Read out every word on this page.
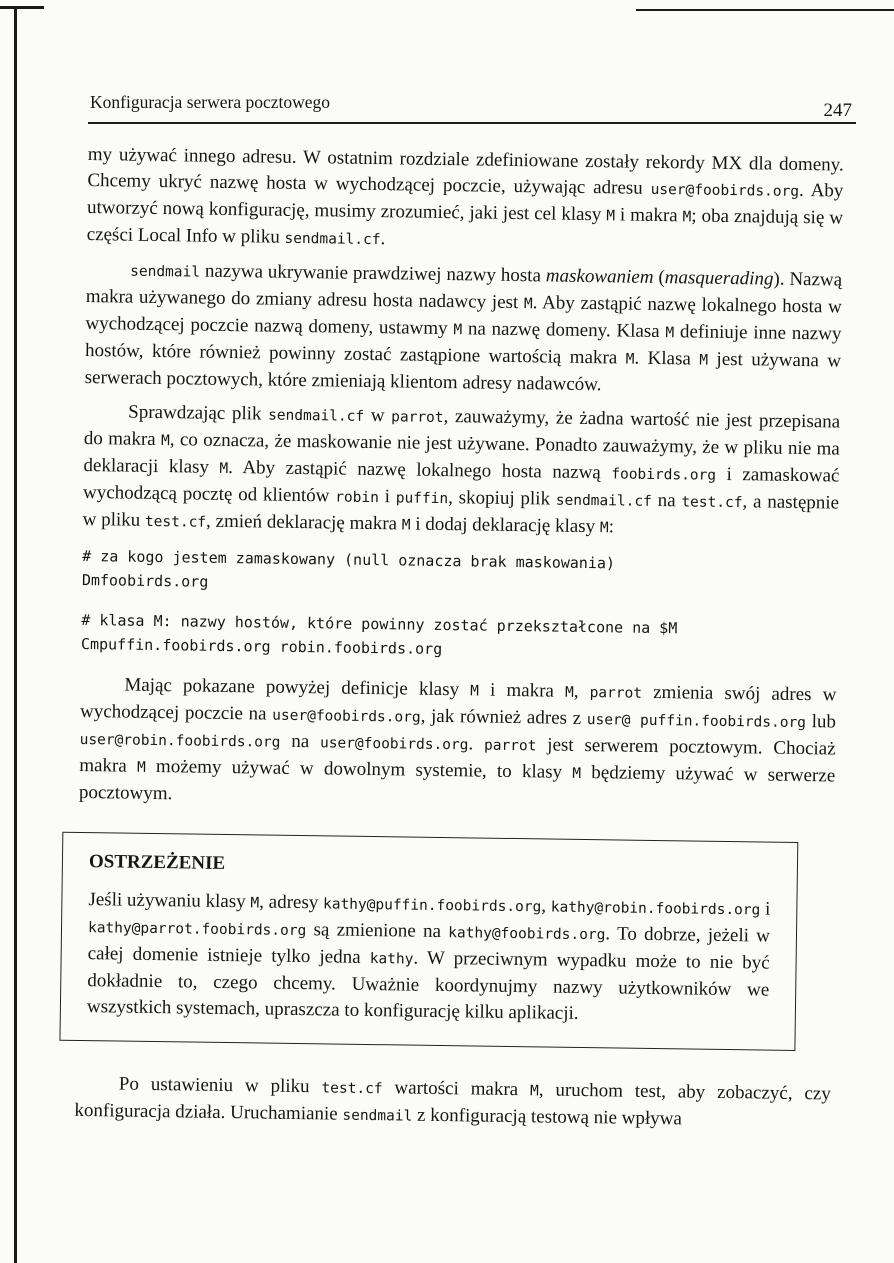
Konfiguracja serwera pocztowego	247

my używać innego adresu. W ostatnim rozdziale zdefiniowane zostały rekordy MX dla domeny. Chcemy ukryć nazwę hosta w wychodzącej poczcie, używając adresu user@foobirds.org. Aby utworzyć nową konfigurację, musimy zrozumieć, jaki jest cel klasy M i makra M; oba znajdują się w części Local Info w pliku sendmail.cf.

sendmail nazywa ukrywanie prawdziwej nazwy hosta maskowaniem (masquerading). Nazwą makra używanego do zmiany adresu hosta nadawcy jest M. Aby zastąpić nazwę lokalnego hosta w wychodzącej poczcie nazwą domeny, ustawmy M na nazwę domeny. Klasa M definiuje inne nazwy hostów, które również powinny zostać zastąpione wartością makra M. Klasa M jest używana w serwerach pocztowych, które zmieniają klientom adresy nadawców.

Sprawdzając plik sendmail.cf w parrot, zauważymy, że żadna wartość nie jest przepisana do makra M, co oznacza, że maskowanie nie jest używane. Ponadto zauważymy, że w pliku nie ma deklaracji klasy M. Aby zastąpić nazwę lokalnego hosta nazwą foobirds.org i zamaskować wychodzącą pocztę od klientów robin i puffin, skopiuj plik sendmail.cf na test.cf, a następnie w pliku test.cf, zmień deklarację makra M i dodaj deklarację klasy M:

# za kogo jestem zamaskowany (null oznacza brak maskowania)
Dmfoobirds.org
# klasa M: nazwy hostów, które powinny zostać przekształcone na $M
Cmpuffin.foobirds.org robin.foobirds.org

Mając pokazane powyżej definicje klasy M i makra M, parrot zmienia swój adres w wychodzącej poczcie na user@foobirds.org, jak również adres z user@ puffin.foobirds.org lub user@robin.foobirds.org na user@foobirds.org. parrot jest serwerem pocztowym. Chociaż makra M możemy używać w dowolnym systemie, to klasy M będziemy używać w serwerze pocztowym.

OSTRZEŻENIE

Jeśli używaniu klasy M, adresy kathy@puffin.foobirds.org, kathy@robin.foobirds.org i kathy@parrot.foobirds.org są zmienione na kathy@foobirds.org. To dobrze, jeżeli w całej domenie istnieje tylko jedna kathy. W przeciwnym wypadku może to nie być dokładnie to, czego chcemy. Uważnie koordynujmy nazwy użytkowników we wszystkich systemach, upraszcza to konfigurację kilku aplikacji.

Po ustawieniu w pliku test.cf wartości makra M, uruchom test, aby zobaczyć, czy konfiguracja działa. Uruchamianie sendmail z konfiguracją testową nie wpływa
